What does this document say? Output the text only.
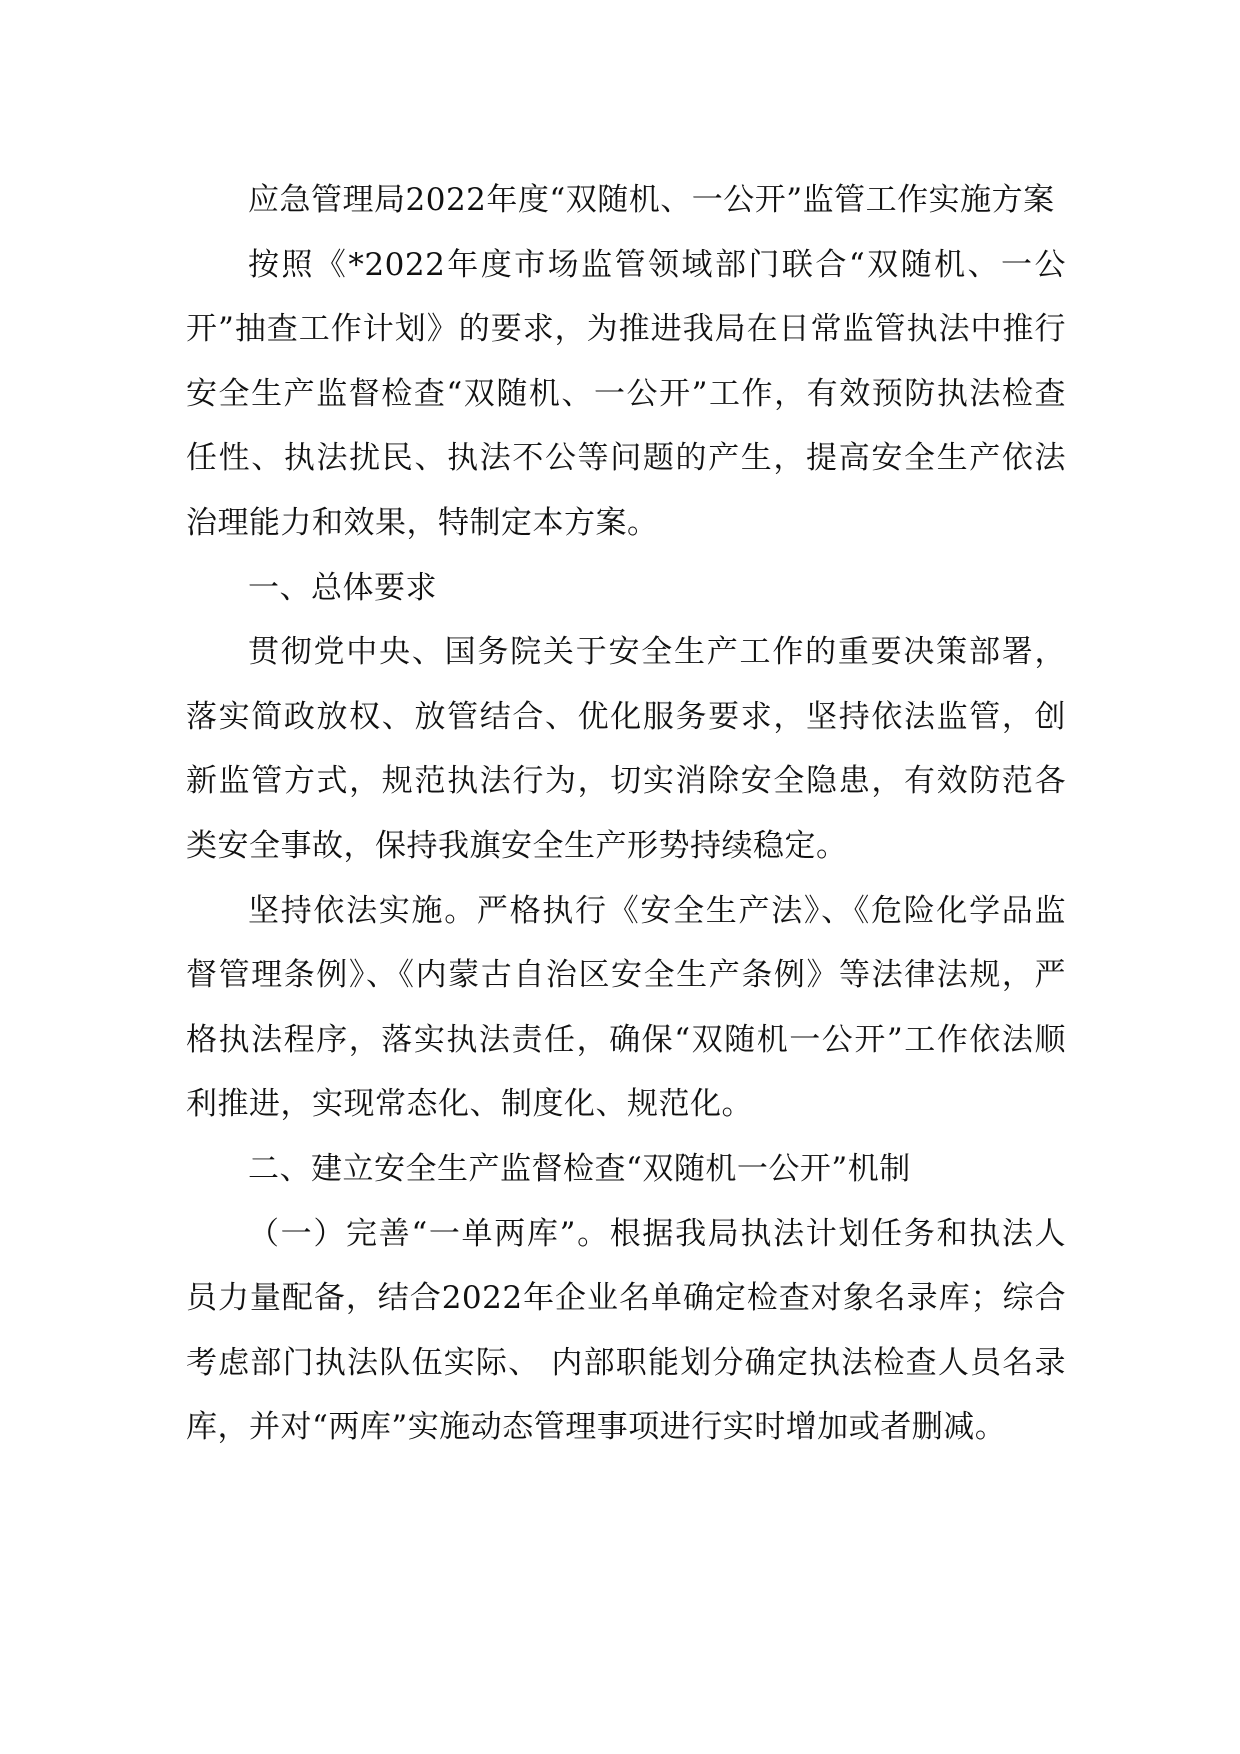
应急管理局2022年度“双随机、一公开”监管工作实施方案

按照《*2022年度市场监管领域部门联合“双随机、一公开”抽查工作计划》的要求，为推进我局在日常监管执法中推行安全生产监督检查“双随机、一公开”工作，有效预防执法检查任性、执法扰民、执法不公等问题的产生，提高安全生产依法治理能力和效果，特制定本方案。

一、总体要求

贯彻党中央、国务院关于安全生产工作的重要决策部署，落实简政放权、放管结合、优化服务要求，坚持依法监管，创新监管方式，规范执法行为，切实消除安全隐患，有效防范各类安全事故，保持我旗安全生产形势持续稳定。

坚持依法实施。严格执行《安全生产法》、《危险化学品监督管理条例》、《内蒙古自治区安全生产条例》等法律法规，严格执法程序，落实执法责任，确保“双随机一公开”工作依法顺利推进，实现常态化、制度化、规范化。

二、建立安全生产监督检查“双随机一公开”机制

（一）完善“一单两库”。根据我局执法计划任务和执法人员力量配备，结合2022年企业名单确定检查对象名录库；综合考虑部门执法队伍实际、 内部职能划分确定执法检查人员名录库，并对“两库”实施动态管理事项进行实时增加或者删减。
